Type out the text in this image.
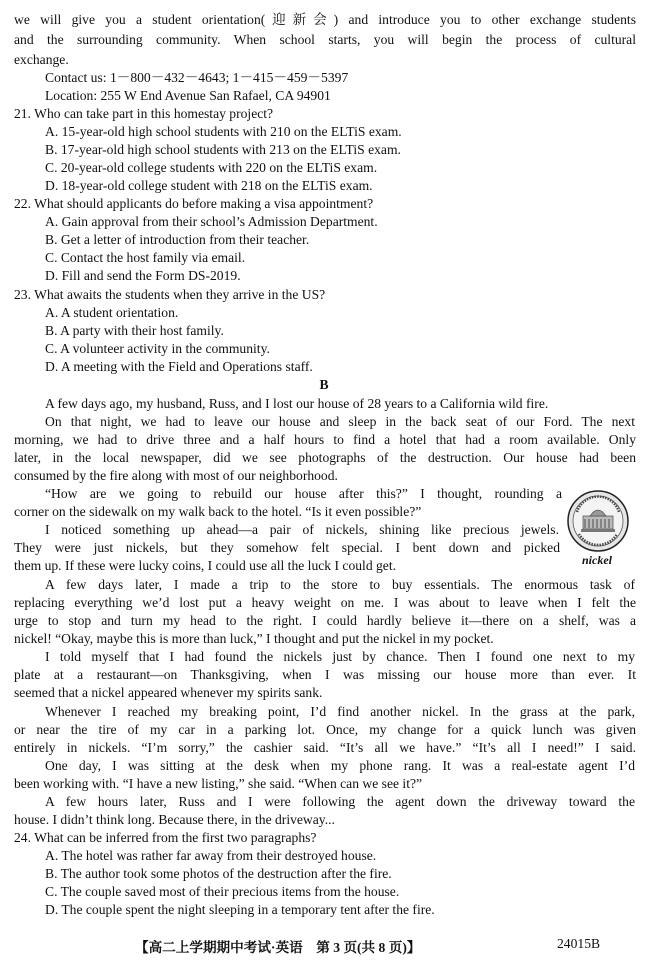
we will give you a student orientation(迎新会) and introduce you to other exchange students
and the surrounding community. When school starts, you will begin the process of cultural
exchange.
Contact us: 1－800－432－4643; 1－415－459－5397
Location: 255 W End Avenue San Rafael, CA 94901
21. Who can take part in this homestay project?
A. 15-year-old high school students with 210 on the ELTiS exam.
B. 17-year-old high school students with 213 on the ELTiS exam.
C. 20-year-old college students with 220 on the ELTiS exam.
D. 18-year-old college student with 218 on the ELTiS exam.
22. What should applicants do before making a visa appointment?
A. Gain approval from their school’s Admission Department.
B. Get a letter of introduction from their teacher.
C. Contact the host family via email.
D. Fill and send the Form DS-2019.
23. What awaits the students when they arrive in the US?
A. A student orientation.
B. A party with their host family.
C. A volunteer activity in the community.
D. A meeting with the Field and Operations staff.
B
A few days ago, my husband, Russ, and I lost our house of 28 years to a California wild fire.
On that night, we had to leave our house and sleep in the back seat of our Ford. The next
morning, we had to drive three and a half hours to find a hotel that had a room available. Only
later, in the local newspaper, did we see photographs of the destruction. Our house had been
consumed by the fire along with most of our neighborhood.
“How are we going to rebuild our house after this?” I thought, rounding a
corner on the sidewalk on my walk back to the hotel. “Is it even possible?”
I noticed something up ahead—a pair of nickels, shining like precious jewels.
They were just nickels, but they somehow felt special. I bent down and picked
them up. If these were lucky coins, I could use all the luck I could get.	nickel
A few days later, I made a trip to the store to buy essentials. The enormous task of
replacing everything we’d lost put a heavy weight on me. I was about to leave when I felt the
urge to stop and turn my head to the right. I could hardly believe it—there on a shelf, was a
nickel! “Okay, maybe this is more than luck,” I thought and put the nickel in my pocket.
I told myself that I had found the nickels just by chance. Then I found one next to my
plate at a restaurant—on Thanksgiving, when I was missing our house more than ever. It
seemed that a nickel appeared whenever my spirits sank.
Whenever I reached my breaking point, I’d find another nickel. In the grass at the park,
or near the tire of my car in a parking lot. Once, my change for a quick lunch was given
entirely in nickels. “I’m sorry,” the cashier said. “It’s all we have.” “It’s all I need!” I said.
One day, I was sitting at the desk when my phone rang. It was a real-estate agent I’d
been working with. “I have a new listing,” she said. “When can we see it?”
A few hours later, Russ and I were following the agent down the driveway toward the
house. I didn’t think long. Because there, in the driveway...
24. What can be inferred from the first two paragraphs?
A. The hotel was rather far away from their destroyed house.
B. The author took some photos of the destruction after the fire.
C. The couple saved most of their precious items from the house.
D. The couple spent the night sleeping in a temporary tent after the fire.
【高二上学期期中考试·英语　第 3 页(共 8 页)】	24015B
